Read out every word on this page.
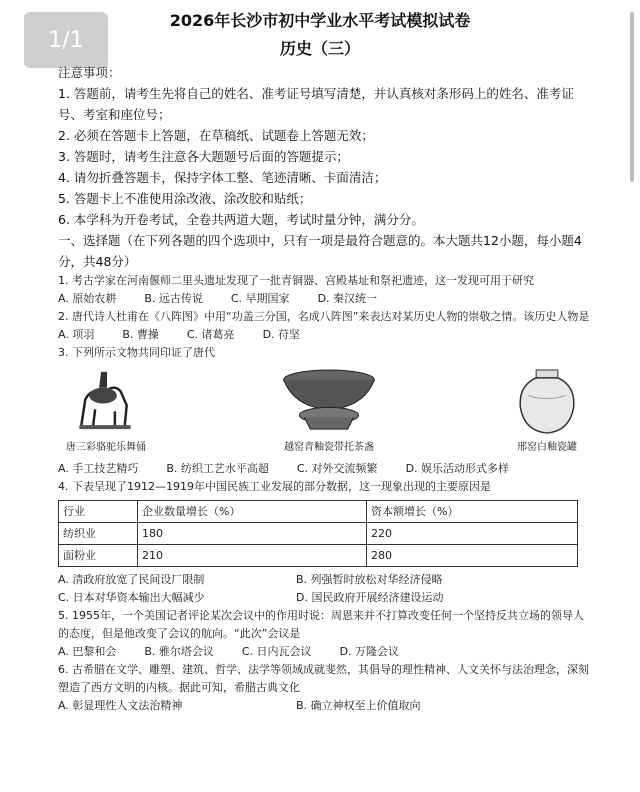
1/1
2026年长沙市初中学业水平考试模拟试卷
历史（三）
注意事项：
1. 答题前，请考生先将自己的姓名、准考证号填写清楚，并认真核对条形码上的姓名、准考证号、考室和座位号；
2. 必须在答题卡上答题，在草稿纸、试题卷上答题无效；
3. 答题时，请考生注意各大题题号后面的答题提示；
4. 请勿折叠答题卡，保持字体工整、笔迹清晰、卡面清洁；
5. 答题卡上不准使用涂改液、涂改胶和贴纸；
6. 本学科为开卷考试，全卷共两道大题，考试时量分钟，满分分。
一、选择题（在下列各题的四个选项中，只有一项是最符合题意的。本大题共12小题，每小题4分，共48分）
1. 考古学家在河南偃师二里头遗址发现了一批青铜器、宫殿基址和祭祀遗迹，这一发现可用于研究
A. 原始农耕	B. 远古传说	C. 早期国家	D. 秦汉统一
2. 唐代诗人杜甫在《八阵图》中用“功盖三分国，名成八阵图”来表达对某历史人物的崇敬之情。该历史人物是
A. 项羽	B. 曹操	C. 诸葛亮	D. 苻坚
3. 下列所示文物共同印证了唐代
唐三彩骆驼乐舞俑	越窑青釉瓷带托茶盏	邢窑白釉瓷罐
A. 手工技艺精巧	B. 纺织工艺水平高超	C. 对外交流频繁	D. 娱乐活动形式多样
4. 下表呈现了1912—1919年中国民族工业发展的部分数据，这一现象出现的主要原因是
行业	企业数量增长（%）	资本额增长（%）
纺织业	180	220
面粉业	210	280
A. 清政府放宽了民间设厂限制	B. 列强暂时放松对华经济侵略
C. 日本对华资本输出大幅减少	D. 国民政府开展经济建设运动
5. 1955年，一个美国记者评论某次会议中的作用时说：周恩来并不打算改变任何一个坚持反共立场的领导人的态度，但是他改变了会议的航向。“此次”会议是
A. 巴黎和会	B. 雅尔塔会议	C. 日内瓦会议	D. 万隆会议
6. 古希腊在文学、雕塑、建筑、哲学、法学等领域成就斐然，其倡导的理性精神、人文关怀与法治理念，深刻塑造了西方文明的内核。据此可知，希腊古典文化
A. 彰显理性人文法治精神	B. 确立神权至上价值取向
